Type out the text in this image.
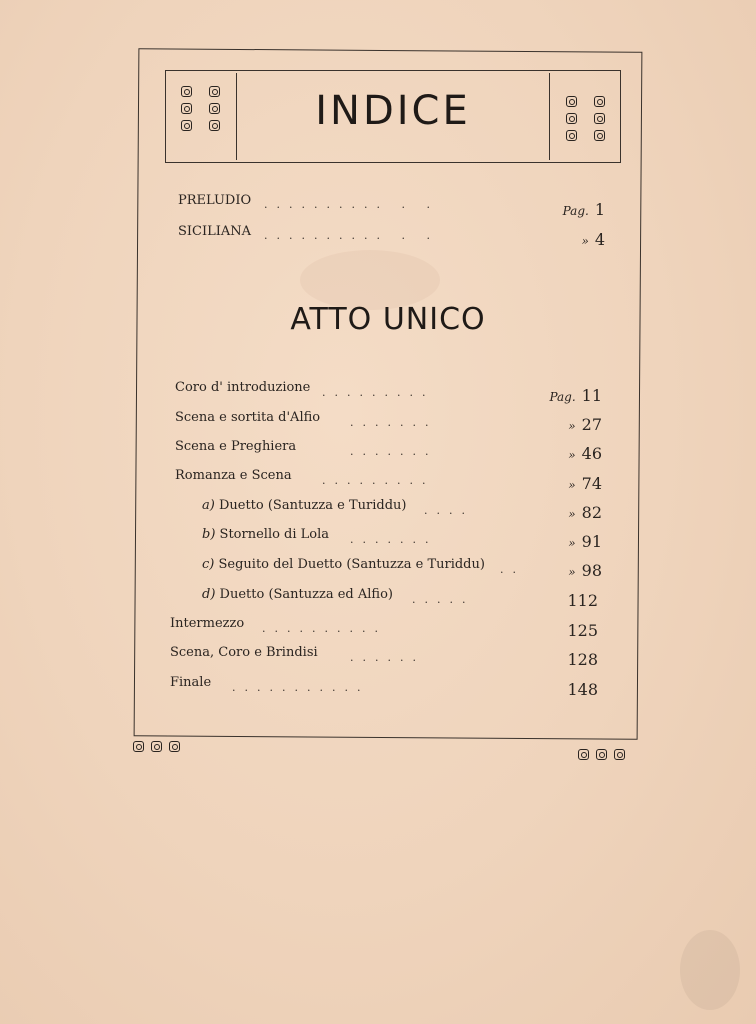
INDICE
PRELUDIO .......... . .	Pag. 1
SICILIANA .......... . .	» 4
ATTO UNICO
Coro d' introduzione .........	Pag. 11
Scena e sortita d'Alfio	.......	» 27
Scena e Preghiera	.......	» 46
Romanza e Scena	.........	» 74
a) Duetto (Santuzza e Turiddu) ....	» 82
b) Stornello di Lola .......	» 91
c) Seguito del Duetto (Santuzza e Turiddu) ..	» 98
d) Duetto (Santuzza ed Alfio) .....	112
Intermezzo ..........	125
Scena, Coro e Brindisi	......	128
Finale ...........	148
